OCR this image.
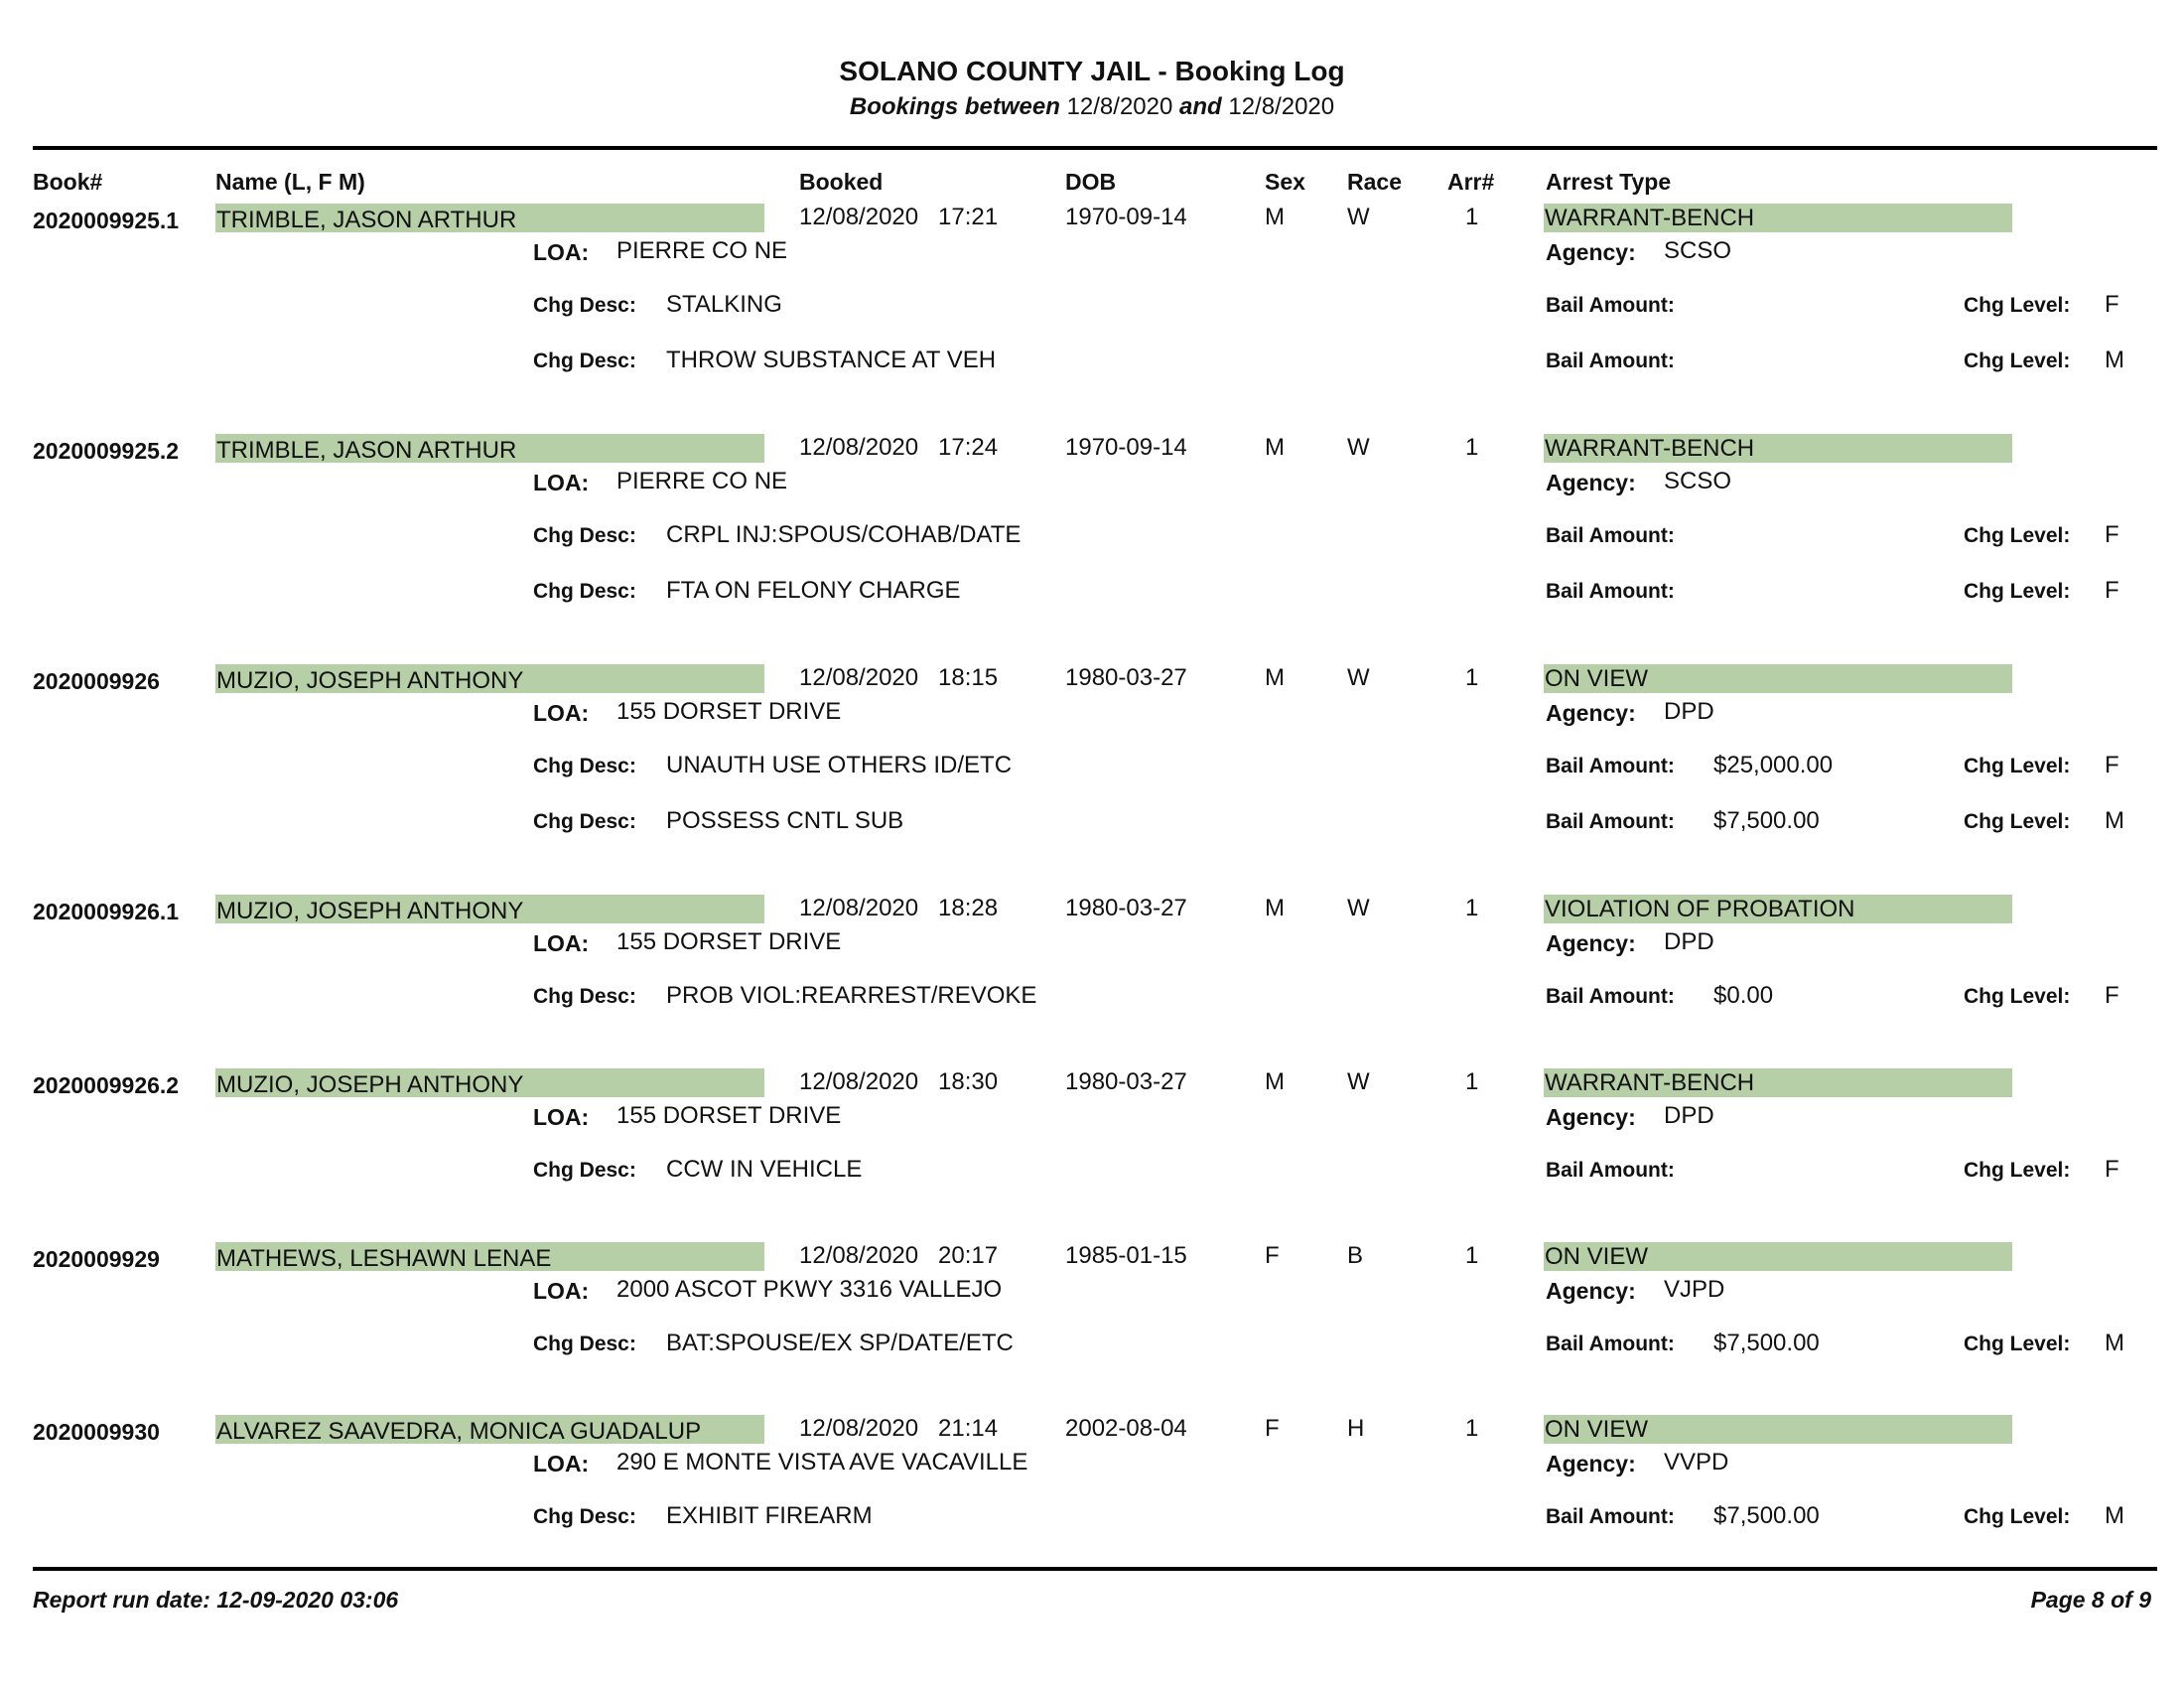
SOLANO COUNTY JAIL - Booking Log
Bookings between 12/8/2020 and 12/8/2020
Book#	Name (L, F M)	Booked	DOB	Sex Race Arr# Arrest Type
2020009925.1 TRIMBLE, JASON ARTHUR	12/08/2020 17:21	1970-09-14	M	W	1	WARRANT-BENCH
LOA: PIERRE CO NE	Agency: SCSO
Chg Desc: STALKING	Bail Amount:	Chg Level: F
Chg Desc: THROW SUBSTANCE AT VEH	Bail Amount:	Chg Level: M
2020009925.2 TRIMBLE, JASON ARTHUR	12/08/2020 17:24	1970-09-14	M	W	1	WARRANT-BENCH
LOA: PIERRE CO NE	Agency: SCSO
Chg Desc: CRPL INJ:SPOUS/COHAB/DATE	Bail Amount:	Chg Level: F
Chg Desc: FTA ON FELONY CHARGE	Bail Amount:	Chg Level: F
2020009926 MUZIO, JOSEPH ANTHONY	12/08/2020 18:15	1980-03-27	M	W	1	ON VIEW
LOA: 155 DORSET DRIVE	Agency: DPD
Chg Desc: UNAUTH USE OTHERS ID/ETC	Bail Amount: $25,000.00	Chg Level: F
Chg Desc: POSSESS CNTL SUB	Bail Amount: $7,500.00	Chg Level: M
2020009926.1 MUZIO, JOSEPH ANTHONY	12/08/2020 18:28	1980-03-27	M	W	1	VIOLATION OF PROBATION
LOA: 155 DORSET DRIVE	Agency: DPD
Chg Desc: PROB VIOL:REARREST/REVOKE	Bail Amount: $0.00	Chg Level: F
2020009926.2 MUZIO, JOSEPH ANTHONY	12/08/2020 18:30	1980-03-27	M	W	1	WARRANT-BENCH
LOA: 155 DORSET DRIVE	Agency: DPD
Chg Desc: CCW IN VEHICLE	Bail Amount:	Chg Level: F
2020009929 MATHEWS, LESHAWN LENAE	12/08/2020 20:17	1985-01-15	F	B	1	ON VIEW
LOA: 2000 ASCOT PKWY 3316 VALLEJO	Agency: VJPD
Chg Desc: BAT:SPOUSE/EX SP/DATE/ETC	Bail Amount: $7,500.00	Chg Level: M
2020009930 ALVAREZ SAAVEDRA, MONICA GUADALUP	12/08/2020 21:14	2002-08-04	F	H	1	ON VIEW
LOA: 290 E MONTE VISTA AVE VACAVILLE	Agency: VVPD
Chg Desc: EXHIBIT FIREARM	Bail Amount: $7,500.00	Chg Level: M
Report run date: 12-09-2020 03:06	Page 8 of 9
